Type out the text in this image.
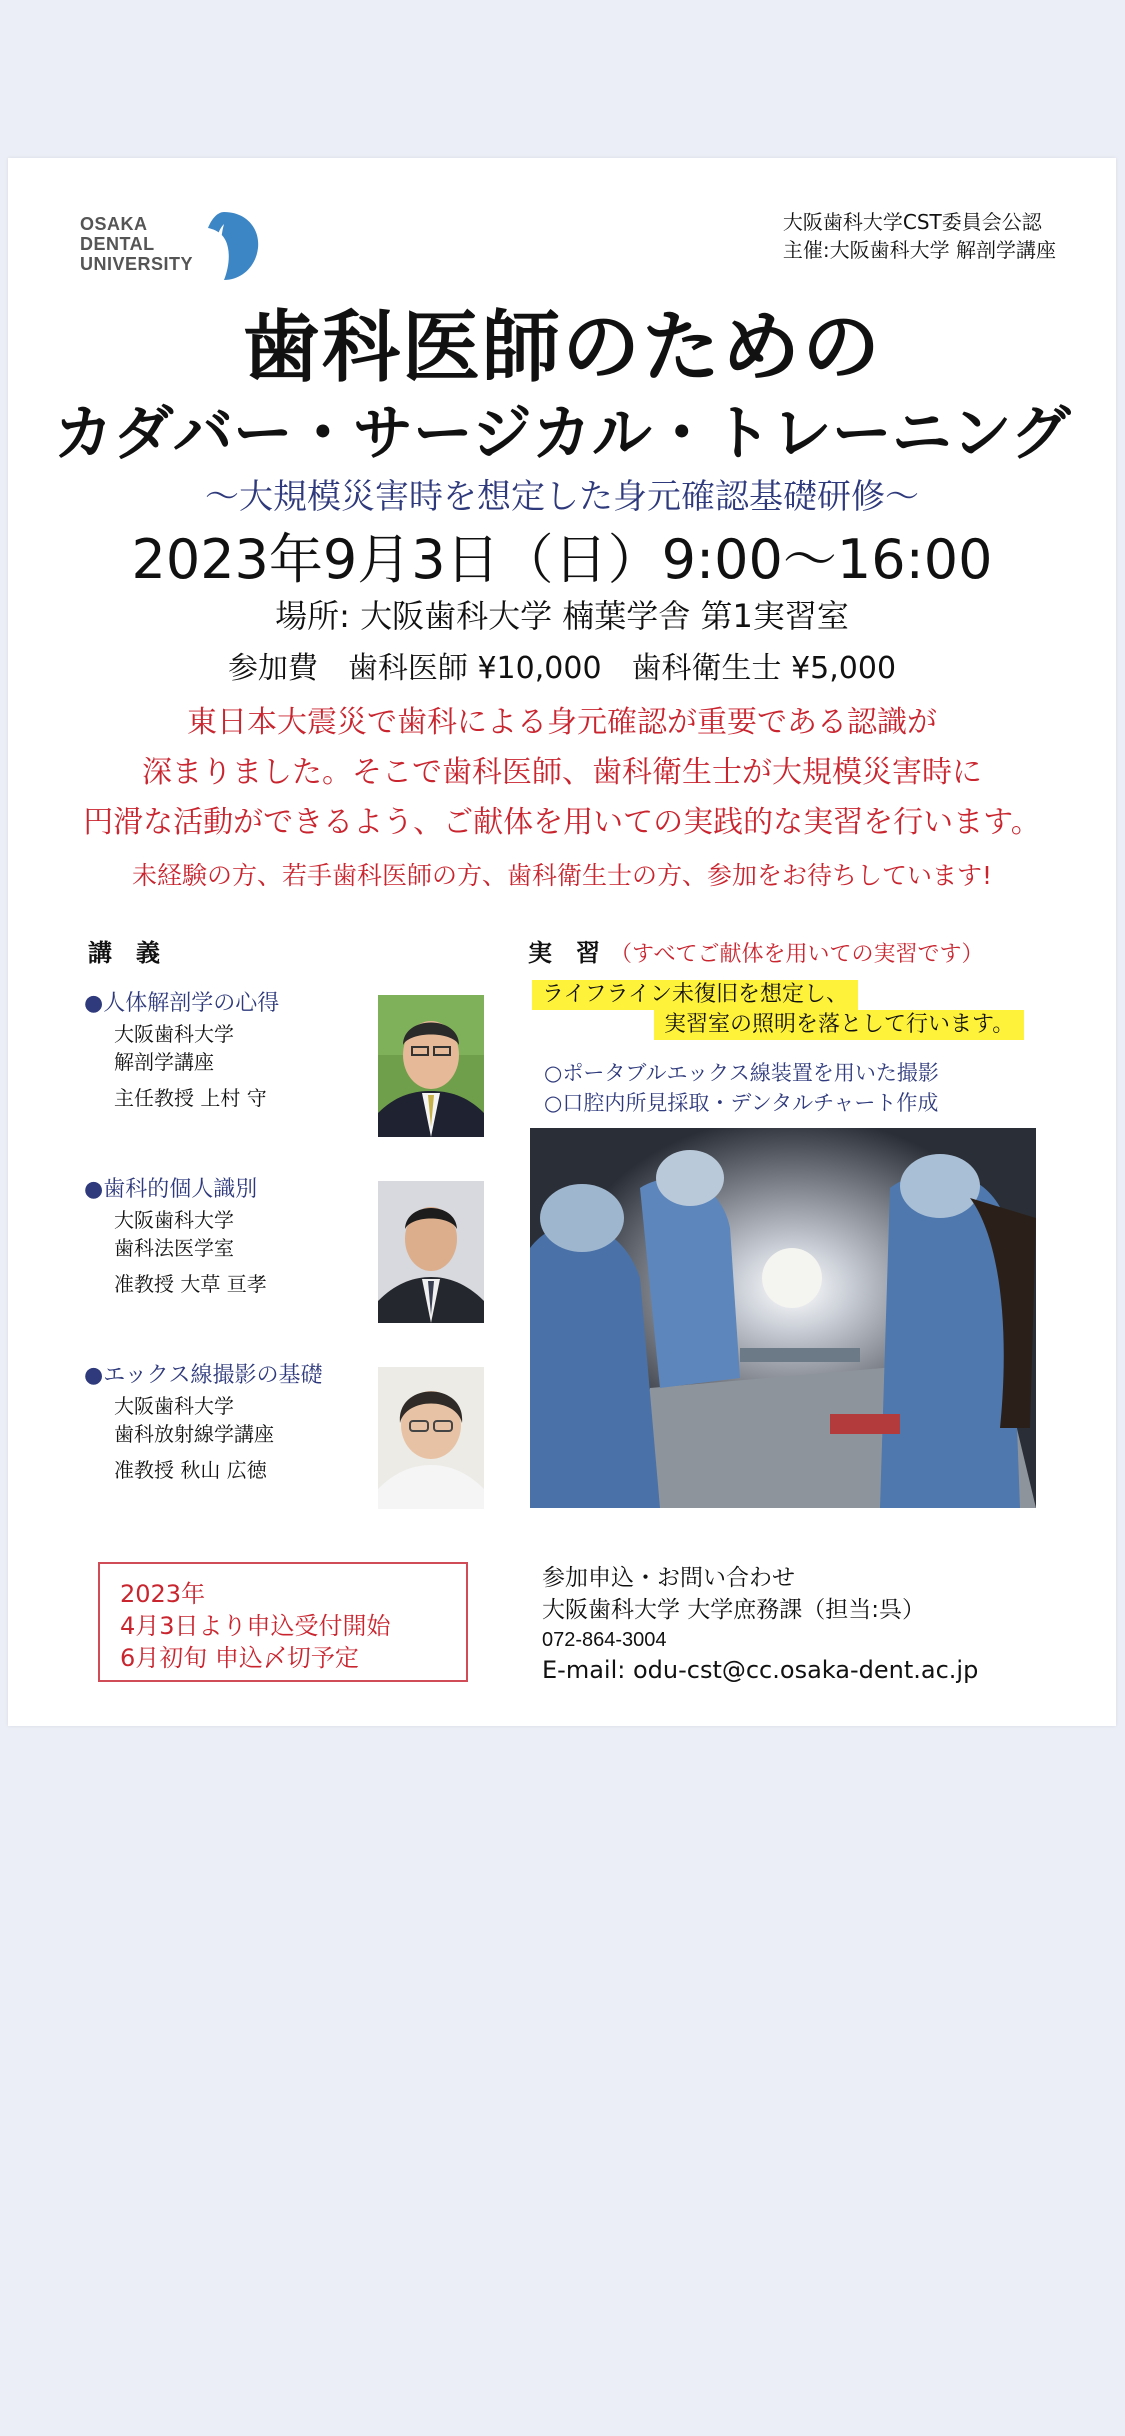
OSAKA
DENTAL
UNIVERSITY
大阪歯科大学CST委員会公認
主催:大阪歯科大学 解剖学講座
歯科医師のための
カダバー・サージカル・トレーニング
〜大規模災害時を想定した身元確認基礎研修〜
2023年9月3日（日）9:00〜16:00
場所: 大阪歯科大学 楠葉学舎 第1実習室
参加費　歯科医師 ¥10,000　歯科衛生士 ¥5,000
東日本大震災で歯科による身元確認が重要である認識が
深まりました。そこで歯科医師、歯科衛生士が大規模災害時に
円滑な活動ができるよう、ご献体を用いての実践的な実習を行います。
未経験の方、若手歯科医師の方、歯科衛生士の方、参加をお待ちしています!
講　義
●人体解剖学の心得
大阪歯科大学
解剖学講座
主任教授 上村 守
●歯科的個人識別
大阪歯科大学
歯科法医学室
准教授 大草 亘孝
●エックス線撮影の基礎
大阪歯科大学
歯科放射線学講座
准教授 秋山 広徳
実　習 （すべてご献体を用いての実習です）
ライフライン未復旧を想定し、
実習室の照明を落として行います。
○ポータブルエックス線装置を用いた撮影
○口腔内所見採取・デンタルチャート作成
2023年
4月3日より申込受付開始
6月初旬 申込〆切予定
参加申込・お問い合わせ
大阪歯科大学 大学庶務課（担当:呉）
072-864-3004
E-mail: odu-cst@cc.osaka-dent.ac.jp
